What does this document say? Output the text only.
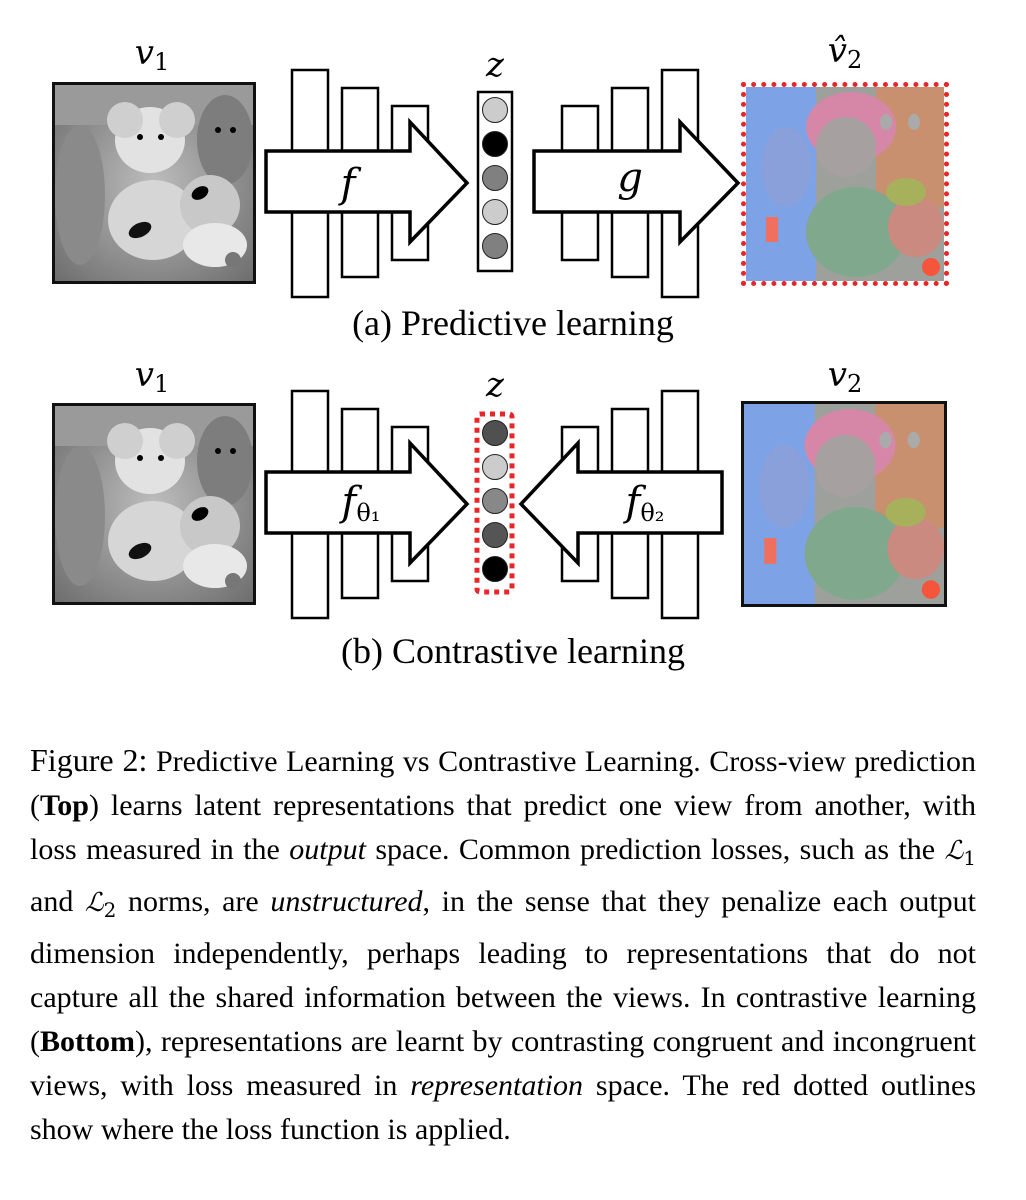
$v_1$	z	$v̂_2$
f	g
(a) Predictive learning
$v_1$	z	$v_2$
$f_{\theta_1}$	$f_{\theta_2}$
(b) Contrastive learning

Figure 2: Predictive Learning vs Contrastive Learning. Cross-view prediction (Top) learns latent representations that predict one view from another, with loss measured in the output space. Common prediction losses, such as the ℒ$_1$ and ℒ$_2$ norms, are unstructured, in the sense that they penalize each output dimension independently, perhaps leading to representations that do not capture all the shared information between the views. In contrastive learning (Bottom), representations are learnt by contrasting congruent and incongruent views, with loss measured in representation space. The red dotted outlines show where the loss function is applied.
